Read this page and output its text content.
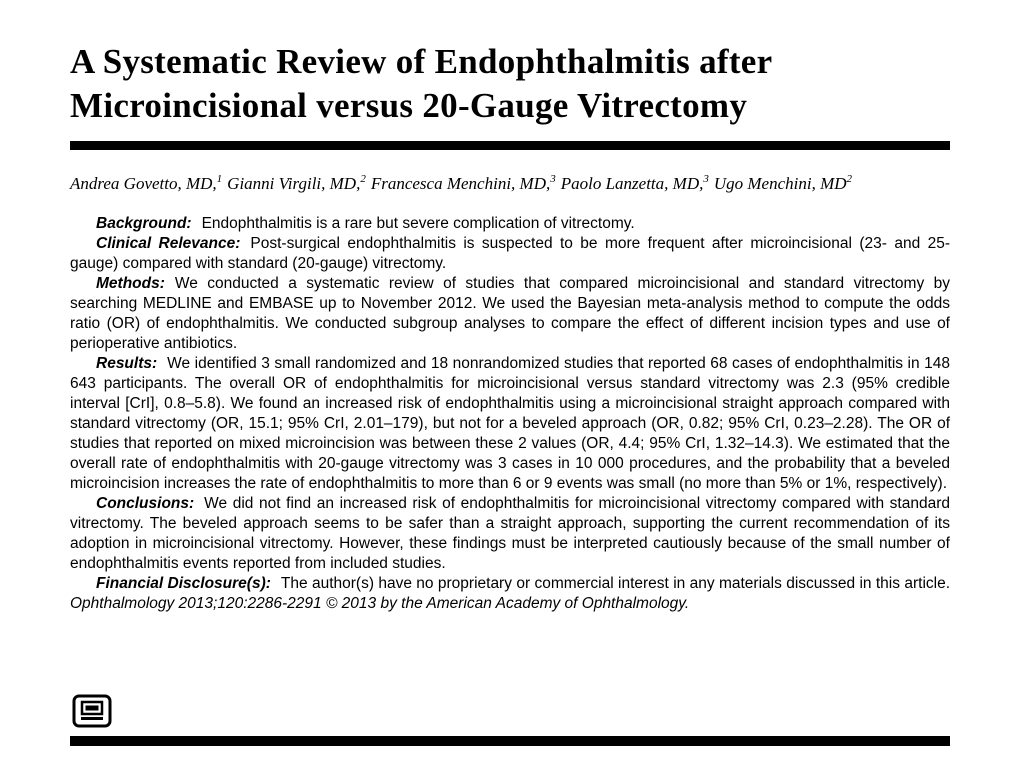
A Systematic Review of Endophthalmitis after
Microincisional versus 20-Gauge Vitrectomy
Andrea Govetto, MD,$^1$ Gianni Virgili, MD,$^2$ Francesca Menchini, MD,$^3$ Paolo Lanzetta, MD,$^3$ Ugo Menchini, $MD^2$

Background: Endophthalmitis is a rare but severe complication of vitrectomy.

Clinical Relevance: Post-surgical endophthalmitis is suspected to be more frequent after microincisional (23- and 25-gauge) compared with standard (20-gauge) vitrectomy.

Methods: We conducted a systematic review of studies that compared microincisional and standard vitrectomy by searching MEDLINE and EMBASE up to November 2012. We used the Bayesian meta-analysis method to compute the odds ratio (OR) of endophthalmitis. We conducted subgroup analyses to compare the effect of different incision types and use of perioperative antibiotics.

Results: We identified 3 small randomized and 18 nonrandomized studies that reported 68 cases of endophthalmitis in 148 643 participants. The overall OR of endophthalmitis for microincisional versus standard vitrectomy was 2.3 (95% credible interval [CrI], 0.8–5.8). We found an increased risk of endophthalmitis using a microincisional straight approach compared with standard vitrectomy (OR, 15.1; 95% CrI, 2.01–179), but not for a beveled approach (OR, 0.82; 95% CrI, 0.23–2.28). The OR of studies that reported on mixed microincision was between these 2 values (OR, 4.4; 95% CrI, 1.32–14.3). We estimated that the overall rate of endophthalmitis with 20-gauge vitrectomy was 3 cases in 10 000 procedures, and the probability that a beveled microincision increases the rate of endophthalmitis to more than 6 or 9 events was small (no more than 5% or 1%, respectively).

Conclusions: We did not find an increased risk of endophthalmitis for microincisional vitrectomy compared with standard vitrectomy. The beveled approach seems to be safer than a straight approach, supporting the current recommendation of its adoption in microincisional vitrectomy. However, these findings must be interpreted cautiously because of the small number of endophthalmitis events reported from included studies.

Financial Disclosure(s): The author(s) have no proprietary or commercial interest in any materials discussed in this article. Ophthalmology 2013;120:2286-2291 © 2013 by the American Academy of Ophthalmology.
